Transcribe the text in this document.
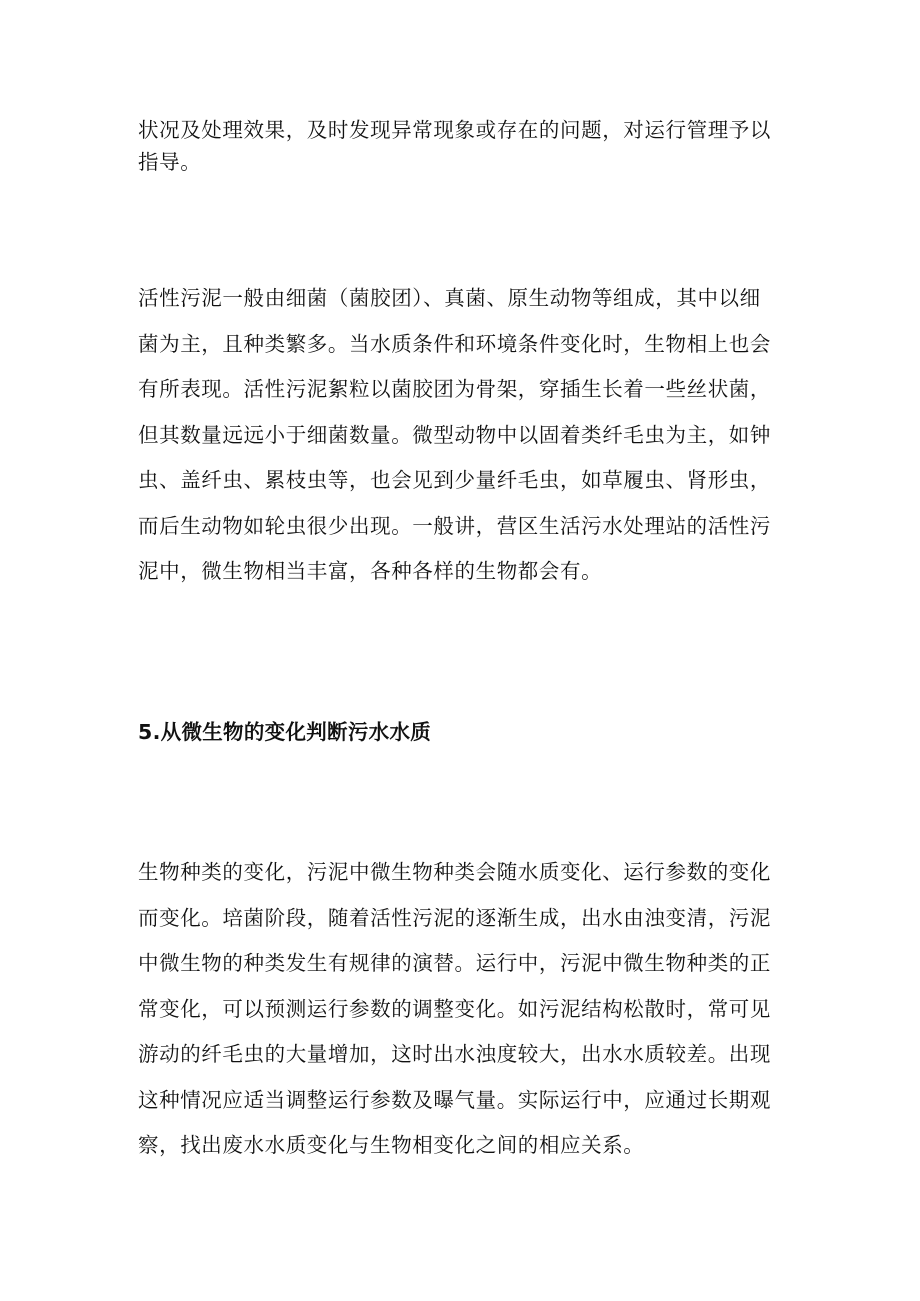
状况及处理效果，及时发现异常现象或存在的问题，对运行管理予以
指导。
活性污泥一般由细菌（菌胶团）、真菌、原生动物等组成，其中以细
菌为主，且种类繁多。当水质条件和环境条件变化时，生物相上也会
有所表现。活性污泥絮粒以菌胶团为骨架，穿插生长着一些丝状菌，
但其数量远远小于细菌数量。微型动物中以固着类纤毛虫为主，如钟
虫、盖纤虫、累枝虫等，也会见到少量纤毛虫，如草履虫、肾形虫，
而后生动物如轮虫很少出现。一般讲，营区生活污水处理站的活性污
泥中，微生物相当丰富，各种各样的生物都会有。
5.从微生物的变化判断污水水质
生物种类的变化，污泥中微生物种类会随水质变化、运行参数的变化
而变化。培菌阶段，随着活性污泥的逐渐生成，出水由浊变清，污泥
中微生物的种类发生有规律的演替。运行中，污泥中微生物种类的正
常变化，可以预测运行参数的调整变化。如污泥结构松散时，常可见
游动的纤毛虫的大量增加，这时出水浊度较大，出水水质较差。出现
这种情况应适当调整运行参数及曝气量。实际运行中，应通过长期观
察，找出废水水质变化与生物相变化之间的相应关系。
